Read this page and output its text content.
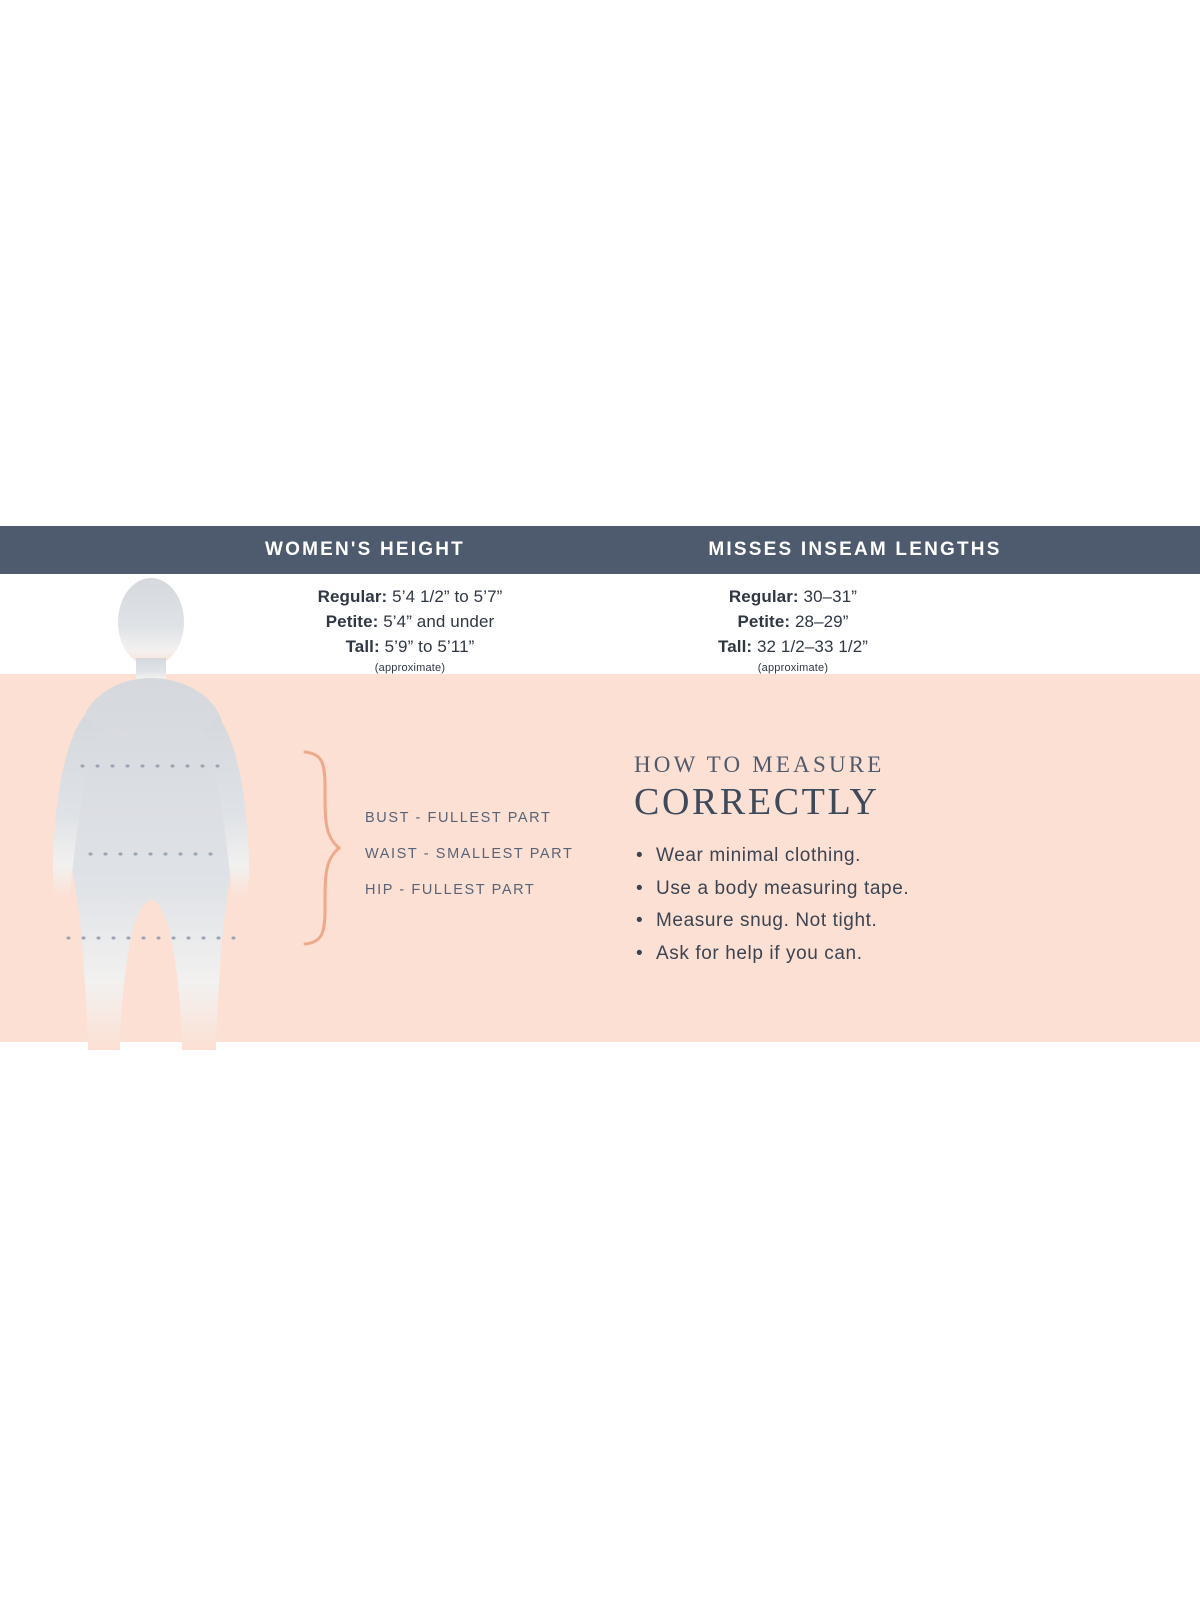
WOMEN'S HEIGHT	MISSES INSEAM LENGTHS
Regular: 5’4 1/2” to 5’7”
Petite: 5’4” and under
Tall: 5’9” to 5’11”
(approximate)
Regular: 30–31”
Petite: 28–29”
Tall: 32 1/2–33 1/2”
(approximate)
BUST - FULLEST PART
WAIST - SMALLEST PART
HIP - FULLEST PART
HOW TO MEASURE
CORRECTLY
• Wear minimal clothing.
• Use a body measuring tape.
• Measure snug. Not tight.
• Ask for help if you can.
